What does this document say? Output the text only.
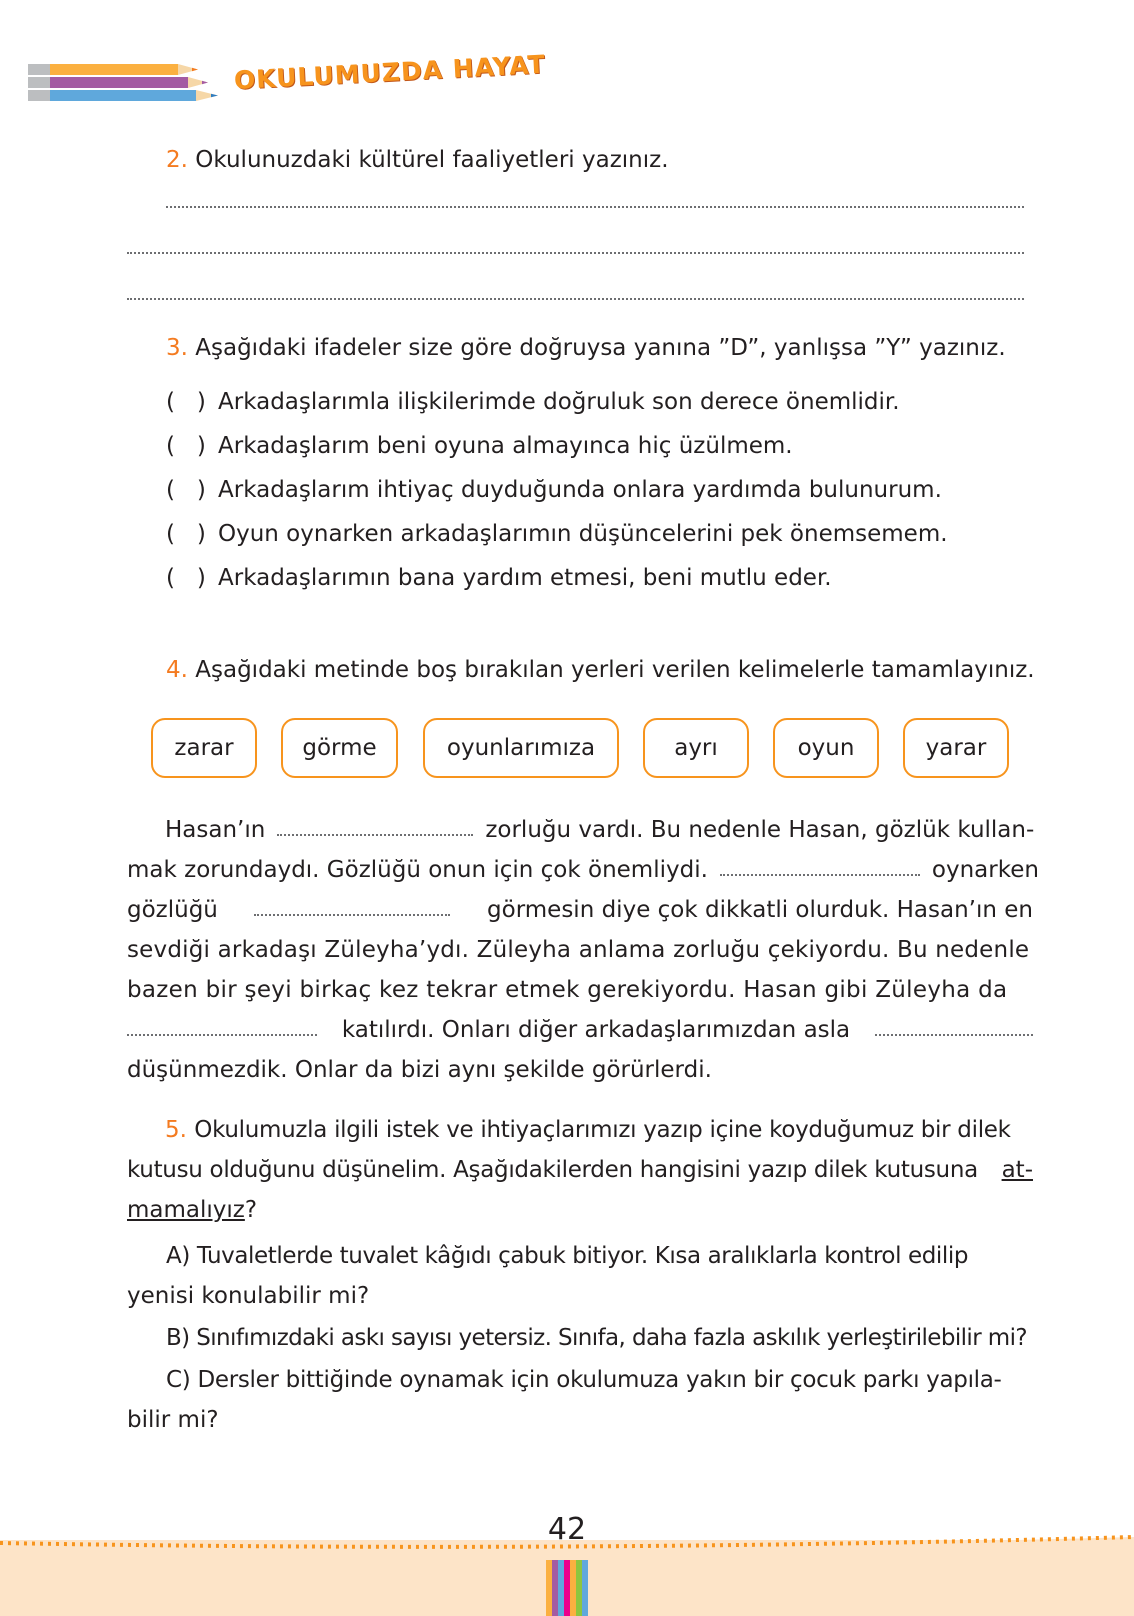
OKULUMUZDA HAYAT
2. Okulunuzdaki kültürel faaliyetleri yazınız.
3. Aşağıdaki ifadeler size göre doğruysa yanına ”D”, yanlışsa ”Y” yazınız.
( ) Arkadaşlarımla ilişkilerimde doğruluk son derece önemlidir.
( ) Arkadaşlarım beni oyuna almayınca hiç üzülmem.
( ) Arkadaşlarım ihtiyaç duyduğunda onlara yardımda bulunurum.
( ) Oyun oynarken arkadaşlarımın düşüncelerini pek önemsemem.
( ) Arkadaşlarımın bana yardım etmesi, beni mutlu eder.
4. Aşağıdaki metinde boş bırakılan yerleri verilen kelimelerle tamamlayınız.
zarar	görme	oyunlarımıza	ayrı	oyun	yarar
Hasan’ın	zorluğu vardı. Bu nedenle Hasan, gözlük kullan-
mak zorundaydı. Gözlüğü onun için çok önemliydi.	oynarken
gözlüğü	görmesin diye çok dikkatli olurduk. Hasan’ın en
sevdiği arkadaşı Züleyha’ydı. Züleyha anlama zorluğu çekiyordu. Bu nedenle
bazen bir şeyi birkaç kez tekrar etmek gerekiyordu. Hasan gibi Züleyha da
katılırdı. Onları diğer arkadaşlarımızdan asla
düşünmezdik. Onlar da bizi aynı şekilde görürlerdi.
5.
Okulumuzla ilgili istek ve ihtiyaçlarımızı yazıp içine koyduğumuz bir dilek
kutusu olduğunu düşünelim. Aşağıdakilerden hangisini yazıp dilek kutusuna at-
mamalıyız ?
A) Tuvaletlerde tuvalet kâğıdı çabuk bitiyor. Kısa aralıklarla kontrol edilip
yenisi konulabilir mi?
B) Sınıfımızdaki askı sayısı yetersiz. Sınıfa, daha fazla askılık yerleştirilebilir mi?
C) Dersler bittiğinde oynamak için okulumuza yakın bir çocuk parkı yapıla-
bilir mi?
42
